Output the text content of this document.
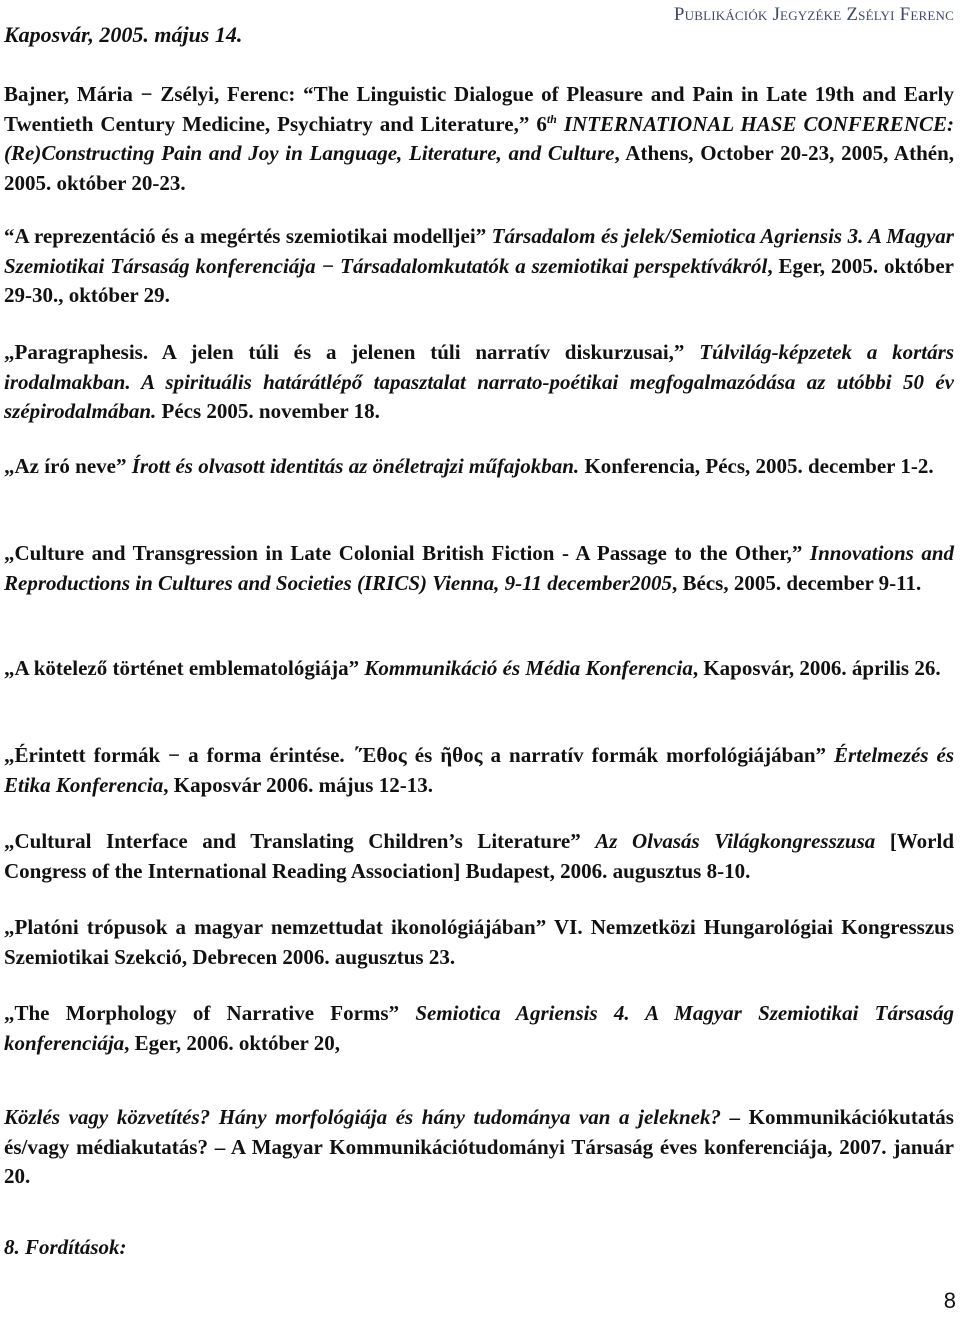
Kaposvár, 2005. május 14.
Publikációk Jegyzéke Zsélyi Ferenc
Bajner, Mária − Zsélyi, Ferenc: “The Linguistic Dialogue of Pleasure and Pain in Late 19th and Early Twentieth Century Medicine, Psychiatry and Literature,” 6th INTERNATIONAL HASE CONFERENCE: (Re)Constructing Pain and Joy in Language, Literature, and Culture, Athens, October 20-23, 2005, Athén, 2005. október 20-23.
“A reprezentáció és a megértés szemiotikai modelljei” Társadalom és jelek/Semiotica Agriensis 3. A Magyar Szemiotikai Társaság konferenciája − Társadalomkutatók a szemiotikai perspektívákról, Eger, 2005. október 29-30., október 29.
„Paragraphesis. A jelen túli és a jelenen túli narratív diskurzusai,” Túlvilág-képzetek a kortárs irodalmakban. A spirituális határátlépő tapasztalat narrato-poétikai megfogalmazódása az utóbbi 50 év szépirodalmában. Pécs 2005. november 18.
„Az író neve” Írott és olvasott identitás az önéletrajzi műfajokban. Konferencia, Pécs, 2005. december 1-2.
„Culture and Transgression in Late Colonial British Fiction - A Passage to the Other,” Innovations and Reproductions in Cultures and Societies (IRICS) Vienna, 9-11 december2005, Bécs, 2005. december 9-11.
„A kötelező történet emblematológiája” Kommunikáció és Média Konferencia, Kaposvár, 2006. április 26.
„Érintett formák − a forma érintése. ΄Έθος és ῆθος a narratív formák morfológiájában” Értelmezés és Etika Konferencia, Kaposvár 2006. május 12-13.
„Cultural Interface and Translating Children’s Literature” Az Olvasás Világkongresszusa [World Congress of the International Reading Association] Budapest, 2006. augusztus 8-10.
„Platóni trópusok a magyar nemzettudat ikonológiájában” VI. Nemzetközi Hungarológiai Kongresszus Szemiotikai Szekció, Debrecen 2006. augusztus 23.
„The Morphology of Narrative Forms” Semiotica Agriensis 4. A Magyar Szemiotikai Társaság konferenciája, Eger, 2006. október 20,
Közlés vagy közvetítés? Hány morfológiája és hány tudománya van a jeleknek? – Kommunikációkutatás és/vagy médiakutatás? – A Magyar Kommunikációtudományi Társaság éves konferenciája, 2007. január 20.
8. Fordítások:
8
